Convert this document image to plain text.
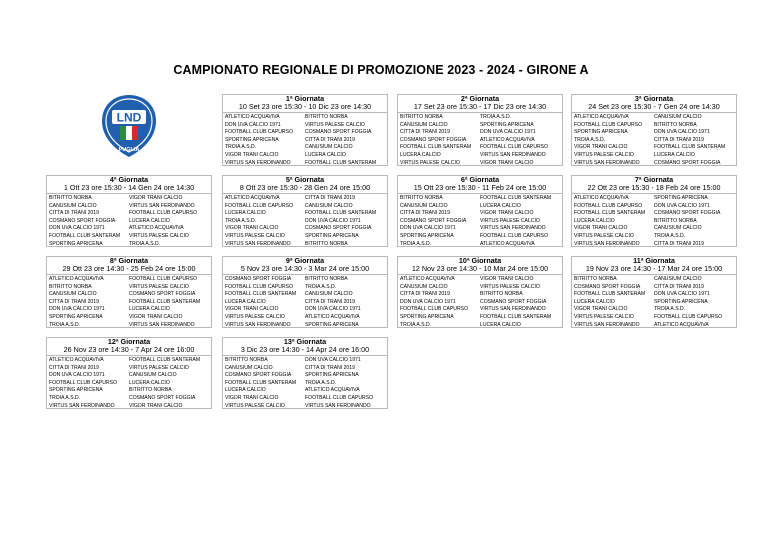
CAMPIONATO REGIONALE DI PROMOZIONE 2023 - 2024 - GIRONE A
LND
PUGLIA
1ª Giornata
10 Set 23 ore 15:30 - 10 Dic 23 ore 14:30
ATLETICO ACQUAVIVA	BITRITTO NORBA
DON UVA CALCIO 1971	VIRTUS PALESE CALCIO
FOOTBALL CLUB CAPURSO	COSMANO SPORT FOGGIA
SPORTING APRICENA	CITTA DI TRANI 2019
TROIA A.S.D.	CANUSIUM CALCIO
VIGOR TRANI CALCIO	LUCERA CALCIO
VIRTUS SAN FERDINANDO	FOOTBALL CLUB SANTERAM
2ª Giornata
17 Set 23 ore 15:30 - 17 Dic 23 ore 14:30
BITRITTO NORBA	TROIA A.S.D.
CANUSIUM CALCIO	SPORTING APRICENA
CITTA DI TRANI 2019	DON UVA CALCIO 1971
COSMANO SPORT FOGGIA	ATLETICO ACQUAVIVA
FOOTBALL CLUB SANTERAM	FOOTBALL CLUB CAPURSO
LUCERA CALCIO	VIRTUS SAN FERDINANDO
VIRTUS PALESE CALCIO	VIGOR TRANI CALCIO
3ª Giornata
24 Set 23 ore 15:30 - 7 Gen 24 ore 14:30
ATLETICO ACQUAVIVA	CANUSIUM CALCIO
FOOTBALL CLUB CAPURSO	BITRITTO NORBA
SPORTING APRICENA	DON UVA CALCIO 1971
TROIA A.S.D.	CITTA DI TRANI 2019
VIGOR TRANI CALCIO	FOOTBALL CLUB SANTERAM
VIRTUS PALESE CALCIO	LUCERA CALCIO
VIRTUS SAN FERDINANDO	COSMANO SPORT FOGGIA
4ª Giornata
1 Ott 23 ore 15:30 - 14 Gen 24 ore 14:30
BITRITTO NORBA	VIGOR TRANI CALCIO
CANUSIUM CALCIO	VIRTUS SAN FERDINANDO
CITTA DI TRANI 2019	FOOTBALL CLUB CAPURSO
COSMANO SPORT FOGGIA	LUCERA CALCIO
DON UVA CALCIO 1971	ATLETICO ACQUAVIVA
FOOTBALL CLUB SANTERAM	VIRTUS PALESE CALCIO
SPORTING APRICENA	TROIA A.S.D.
5ª Giornata
8 Ott 23 ore 15:30 - 28 Gen 24 ore 15:00
ATLETICO ACQUAVIVA	CITTA DI TRANI 2019
FOOTBALL CLUB CAPURSO	CANUSIUM CALCIO
LUCERA CALCIO	FOOTBALL CLUB SANTERAM
TROIA A.S.D.	DON UVA CALCIO 1971
VIGOR TRANI CALCIO	COSMANO SPORT FOGGIA
VIRTUS PALESE CALCIO	SPORTING APRICENA
VIRTUS SAN FERDINANDO	BITRITTO NORBA
6ª Giornata
15 Ott 23 ore 15:30 - 11 Feb 24 ore 15:00
BITRITTO NORBA	FOOTBALL CLUB SANTERAM
CANUSIUM CALCIO	LUCERA CALCIO
CITTA DI TRANI 2019	VIGOR TRANI CALCIO
COSMANO SPORT FOGGIA	VIRTUS PALESE CALCIO
DON UVA CALCIO 1971	VIRTUS SAN FERDINANDO
SPORTING APRICENA	FOOTBALL CLUB CAPURSO
TROIA A.S.D.	ATLETICO ACQUAVIVA
7ª Giornata
22 Ott 23 ore 15:30 - 18 Feb 24 ore 15:00
ATLETICO ACQUAVIVA	SPORTING APRICENA
FOOTBALL CLUB CAPURSO	DON UVA CALCIO 1971
FOOTBALL CLUB SANTERAM	COSMANO SPORT FOGGIA
LUCERA CALCIO	BITRITTO NORBA
VIGOR TRANI CALCIO	CANUSIUM CALCIO
VIRTUS PALESE CALCIO	TROIA A.S.D.
VIRTUS SAN FERDINANDO	CITTA DI TRANI 2019
8ª Giornata
29 Ott 23 ore 14:30 - 25 Feb 24 ore 15:00
ATLETICO ACQUAVIVA	FOOTBALL CLUB CAPURSO
BITRITTO NORBA	VIRTUS PALESE CALCIO
CANUSIUM CALCIO	COSMANO SPORT FOGGIA
CITTA DI TRANI 2019	FOOTBALL CLUB SANTERAM
DON UVA CALCIO 1971	LUCERA CALCIO
SPORTING APRICENA	VIGOR TRANI CALCIO
TROIA A.S.D.	VIRTUS SAN FERDINANDO
9ª Giornata
5 Nov 23 ore 14:30 - 3 Mar 24 ore 15:00
COSMANO SPORT FOGGIA	BITRITTO NORBA
FOOTBALL CLUB CAPURSO	TROIA A.S.D.
FOOTBALL CLUB SANTERAM	CANUSIUM CALCIO
LUCERA CALCIO	CITTA DI TRANI 2019
VIGOR TRANI CALCIO	DON UVA CALCIO 1971
VIRTUS PALESE CALCIO	ATLETICO ACQUAVIVA
VIRTUS SAN FERDINANDO	SPORTING APRICENA
10ª Giornata
12 Nov 23 ore 14:30 - 10 Mar 24 ore 15:00
ATLETICO ACQUAVIVA	VIGOR TRANI CALCIO
CANUSIUM CALCIO	VIRTUS PALESE CALCIO
CITTA DI TRANI 2019	BITRITTO NORBA
DON UVA CALCIO 1971	COSMANO SPORT FOGGIA
FOOTBALL CLUB CAPURSO	VIRTUS SAN FERDINANDO
SPORTING APRICENA	FOOTBALL CLUB SANTERAM
TROIA A.S.D.	LUCERA CALCIO
11ª Giornata
19 Nov 23 ore 14:30 - 17 Mar 24 ore 15:00
BITRITTO NORBA	CANUSIUM CALCIO
COSMANO SPORT FOGGIA	CITTA DI TRANI 2019
FOOTBALL CLUB SANTERAM	DON UVA CALCIO 1971
LUCERA CALCIO	SPORTING APRICENA
VIGOR TRANI CALCIO	TROIA A.S.D.
VIRTUS PALESE CALCIO	FOOTBALL CLUB CAPURSO
VIRTUS SAN FERDINANDO	ATLETICO ACQUAVIVA
12ª Giornata
26 Nov 23 ore 14:30 - 7 Apr 24 ore 16:00
ATLETICO ACQUAVIVA	FOOTBALL CLUB SANTERAM
CITTA DI TRANI 2019	VIRTUS PALESE CALCIO
DON UVA CALCIO 1971	CANUSIUM CALCIO
FOOTBALL CLUB CAPURSO	LUCERA CALCIO
SPORTING APRICENA	BITRITTO NORBA
TROIA A.S.D.	COSMANO SPORT FOGGIA
VIRTUS SAN FERDINANDO	VIGOR TRANI CALCIO
13ª Giornata
3 Dic 23 ore 14:30 - 14 Apr 24 ore 16:00
BITRITTO NORBA	DON UVA CALCIO 1971
CANUSIUM CALCIO	CITTA DI TRANI 2019
COSMANO SPORT FOGGIA	SPORTING APRICENA
FOOTBALL CLUB SANTERAM	TROIA A.S.D.
LUCERA CALCIO	ATLETICO ACQUAVIVA
VIGOR TRANI CALCIO	FOOTBALL CLUB CAPURSO
VIRTUS PALESE CALCIO	VIRTUS SAN FERDINANDO
